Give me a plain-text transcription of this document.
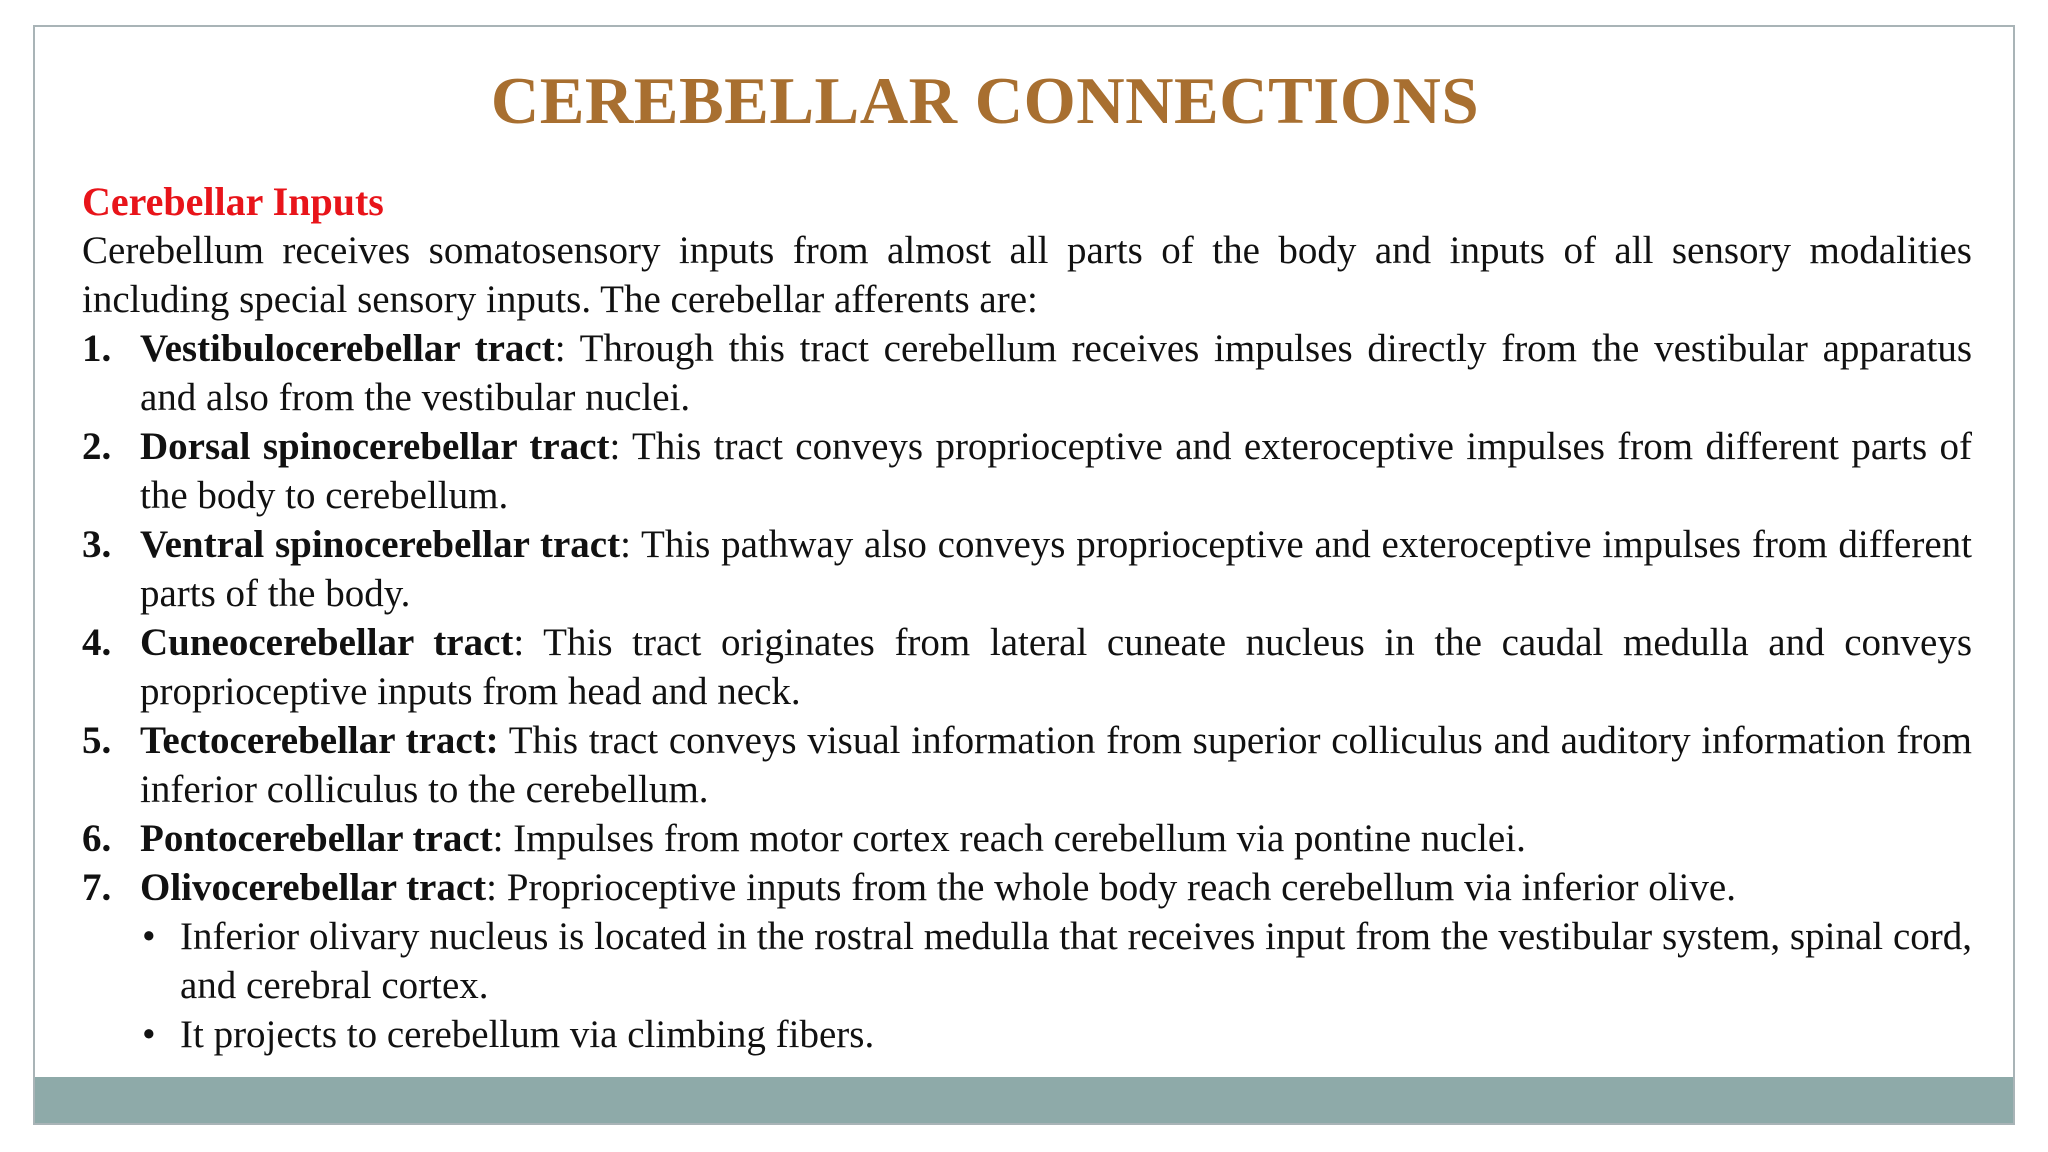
CEREBELLAR CONNECTIONS

Cerebellar Inputs

Cerebellum receives somatosensory inputs from almost all parts of the body and inputs of all sensory modalities including special sensory inputs. The cerebellar afferents are:

1. Vestibulocerebellar tract: Through this tract cerebellum receives impulses directly from the vestibular apparatus and also from the vestibular nuclei.
2. Dorsal spinocerebellar tract: This tract conveys proprioceptive and exteroceptive impulses from different parts of the body to cerebellum.
3. Ventral spinocerebellar tract: This pathway also conveys proprioceptive and exteroceptive impulses from different parts of the body.
4. Cuneocerebellar tract: This tract originates from lateral cuneate nucleus in the caudal medulla and conveys proprioceptive inputs from head and neck.
5. Tectocerebellar tract: This tract conveys visual information from superior colliculus and auditory information from inferior colliculus to the cerebellum.
6. Pontocerebellar tract: Impulses from motor cortex reach cerebellum via pontine nuclei.
7. Olivocerebellar tract: Proprioceptive inputs from the whole body reach cerebellum via inferior olive.
• Inferior olivary nucleus is located in the rostral medulla that receives input from the vestibular system, spinal cord, and cerebral cortex.
• It projects to cerebellum via climbing fibers.
